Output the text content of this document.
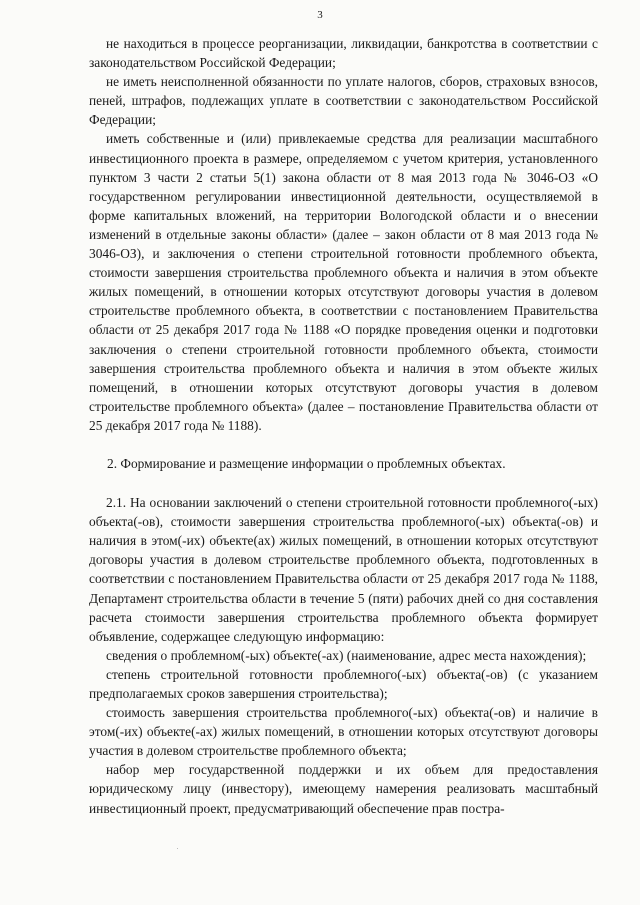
3

не находиться в процессе реорганизации, ликвидации, банкротства в соответствии с законодательством Российской Федерации;

не иметь неисполненной обязанности по уплате налогов, сборов, страховых взносов, пеней, штрафов, подлежащих уплате в соответствии с законодательством Российской Федерации;

иметь собственные и (или) привлекаемые средства для реализации масштабного инвестиционного проекта в размере, определяемом с учетом критерия, установленного пунктом 3 части 2 статьи 5(1) закона области от 8 мая 2013 года № 3046-ОЗ «О государственном регулировании инвестиционной деятельности, осуществляемой в форме капитальных вложений, на территории Вологодской области и о внесении изменений в отдельные законы области» (далее – закон области от 8 мая 2013 года № 3046-ОЗ), и заключения о степени строительной готовности проблемного объекта, стоимости завершения строительства проблемного объекта и наличия в этом объекте жилых помещений, в отношении которых отсутствуют договоры участия в долевом строительстве проблемного объекта, в соответствии с постановлением Правительства области от 25 декабря 2017 года № 1188 «О порядке проведения оценки и подготовки заключения о степени строительной готовности проблемного объекта, стоимости завершения строительства проблемного объекта и наличия в этом объекте жилых помещений, в отношении которых отсутствуют договоры участия в долевом строительстве проблемного объекта» (далее – постановление Правительства области от 25 декабря 2017 года № 1188).

2. Формирование и размещение информации о проблемных объектах.

2.1. На основании заключений о степени строительной готовности проблемного(-ых) объекта(-ов), стоимости завершения строительства проблемного(-ых) объекта(-ов) и наличия в этом(-их) объекте(ах) жилых помещений, в отношении которых отсутствуют договоры участия в долевом строительстве проблемного объекта, подготовленных в соответствии с постановлением Правительства области от 25 декабря 2017 года № 1188, Департамент строительства области в течение 5 (пяти) рабочих дней со дня составления расчета стоимости завершения строительства проблемного объекта формирует объявление, содержащее следующую информацию:

сведения о проблемном(-ых) объекте(-ах) (наименование, адрес места нахождения);

степень строительной готовности проблемного(-ых) объекта(-ов) (с указанием предполагаемых сроков завершения строительства);

стоимость завершения строительства проблемного(-ых) объекта(-ов) и наличие в этом(-их) объекте(-ах) жилых помещений, в отношении которых отсутствуют договоры участия в долевом строительстве проблемного объекта;

набор мер государственной поддержки и их объем для предоставления юридическому лицу (инвестору), имеющему намерения реализовать масштабный инвестиционный проект, предусматривающий обеспечение прав постра-
